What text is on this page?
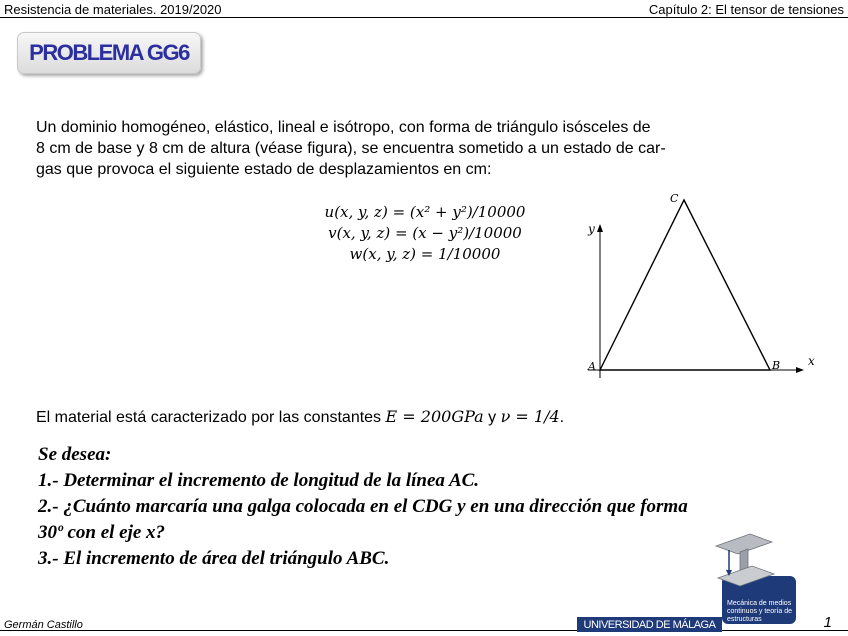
Resistencia de materiales. 2019/2020	Capítulo 2: El tensor de tensiones
PROBLEMA GG6
Un dominio homogéneo, elástico, lineal e isótropo, con forma de triángulo isósceles de
8 cm de base y 8 cm de altura (véase figura), se encuentra sometido a un estado de car-
gas que provoca el siguiente estado de desplazamientos en cm:
u(x, y, z) = (x² + y²)/10000
v(x, y, z) = (x − y²)/10000
w(x, y, z) = 1/10000
y
x
A	B
C
El material está caracterizado por las constantes E = 200GPa y ν = 1/4.
Se desea:
1.- Determinar el incremento de longitud de la línea AC.
2.- ¿Cuánto marcaría una galga colocada en el CDG y en una dirección que forma
30º con el eje x?
3.- El incremento de área del triángulo ABC.
Mecánica de medios continuos y teoría de estructuras
Germán Castillo	UNIVERSIDAD DE MÁLAGA	1
